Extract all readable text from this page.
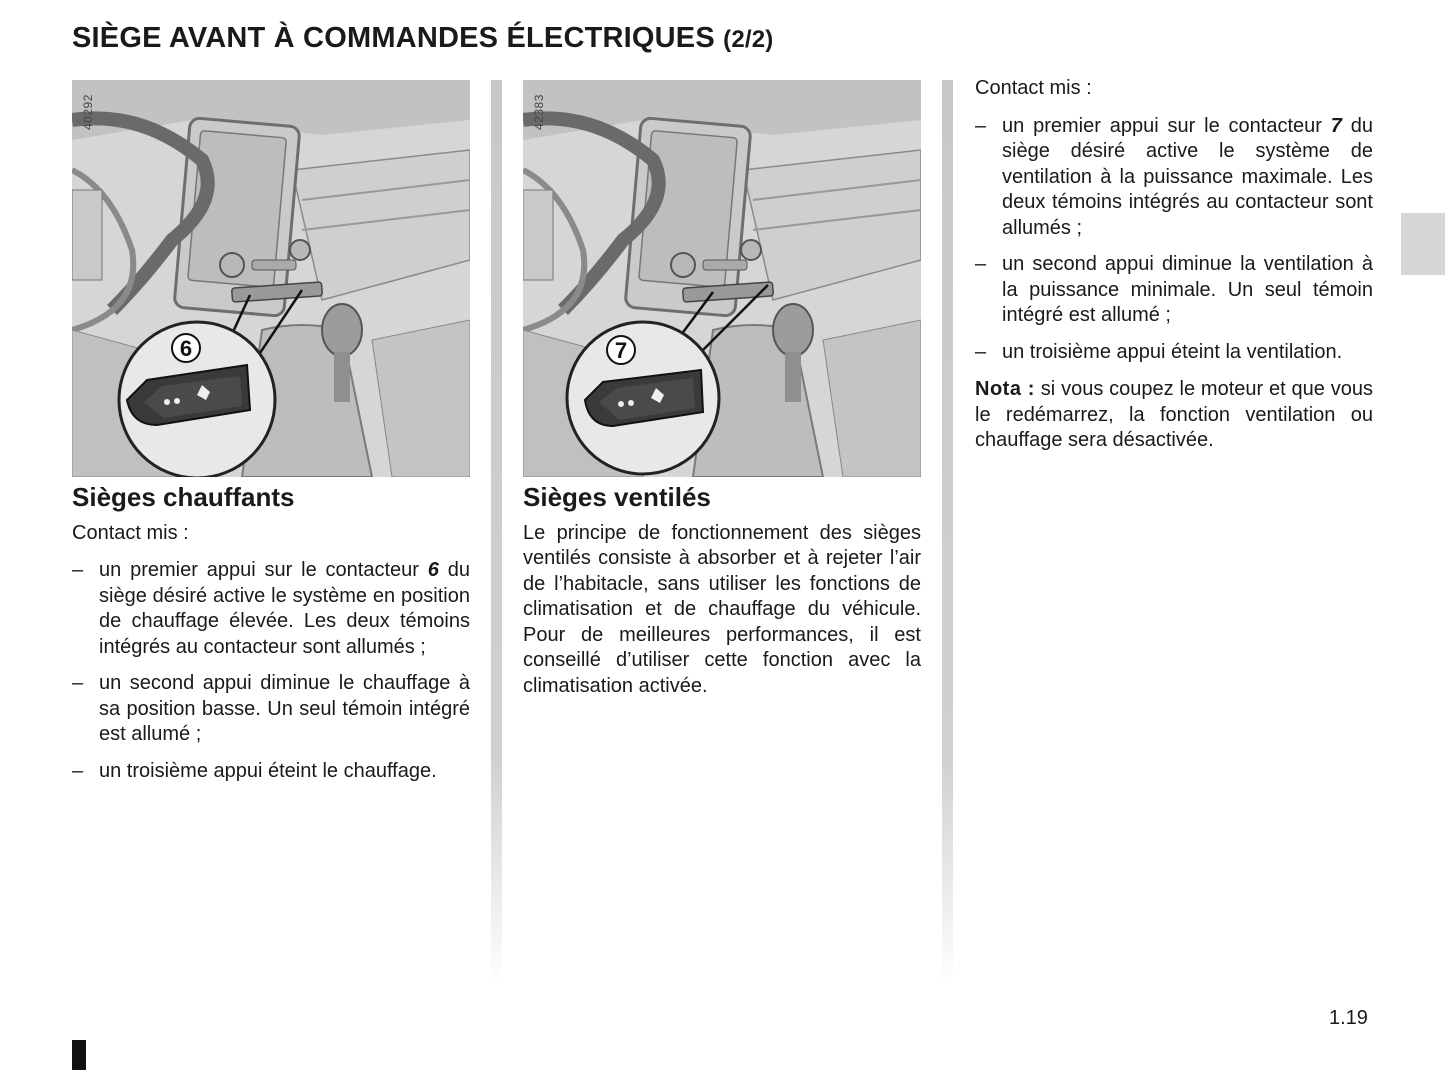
SIÈGE AVANT À COMMANDES ÉLECTRIQUES (2/2)
6
40292
Sièges chauffants

Contact mis :

– un premier appui sur le contacteur 6 du siège désiré active le système en position de chauffage élevée. Les deux témoins intégrés au contacteur sont allumés ;
– un second appui diminue le chauffage à sa position basse. Un seul témoin intégré est allumé ;
– un troisième appui éteint le chauffage.
7
42383
Sièges ventilés

Le principe de fonctionnement des sièges ventilés consiste à absorber et à rejeter l’air de l’habitacle, sans utiliser les fonctions de climatisation et de chauffage du véhicule. Pour de meilleures performances, il est conseillé d’utiliser cette fonction avec la climatisation activée.

Contact mis :

– un premier appui sur le contacteur 7 du siège désiré active le système de ventilation à la puissance maximale. Les deux témoins intégrés au contacteur sont allumés ;
– un second appui diminue la ventilation à la puissance minimale. Un seul témoin intégré est allumé ;
– un troisième appui éteint la ventilation.

Nota : si vous coupez le moteur et que vous le redémarrez, la fonction ventilation ou chauffage sera désactivée.

1.19
